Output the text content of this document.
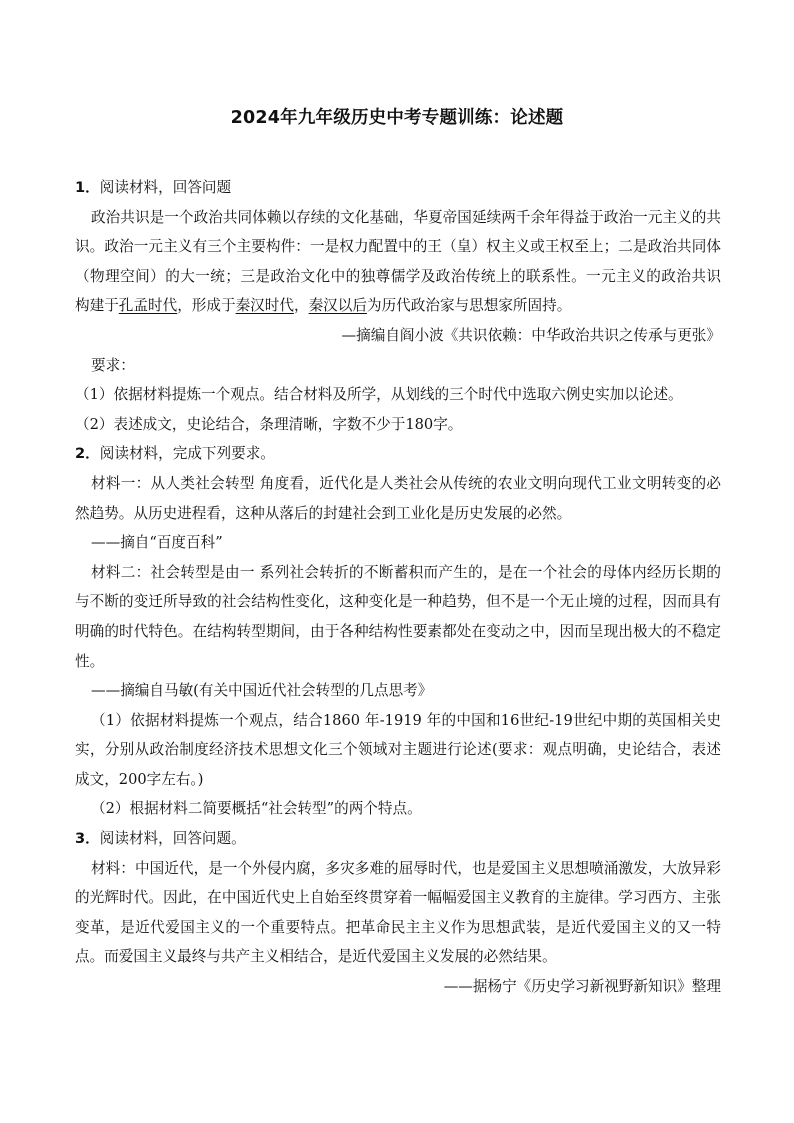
2024年九年级历史中考专题训练：论述题

1．阅读材料，回答问题

政治共识是一个政治共同体赖以存续的文化基础，华夏帝国延续两千余年得益于政治一元主义的共识。政治一元主义有三个主要构件：一是权力配置中的王（皇）权主义或王权至上；二是政治共同体（物理空间）的大一统；三是政治文化中的独尊儒学及政治传统上的联系性。一元主义的政治共识 构建于孔孟时代，形成于秦汉时代，秦汉以后为历代政治家与思想家所固持。

—摘编自阎小波《共识依赖：中华政治共识之传承与更张》

要求：

（1）依据材料提炼一个观点。结合材料及所学，从划线的三个时代中选取六例史实加以论述。

（2）表述成文，史论结合，条理清晰，字数不少于180字。

2．阅读材料，完成下列要求。

材料一：从人类社会转型 角度看，近代化是人类社会从传统的农业文明向现代工业文明转变的必然趋势。从历史进程看，这种从落后的封建社会到工业化是历史发展的必然。

——摘自“百度百科”

材料二：社会转型是由一 系列社会转折的不断蓄积而产生的，是在一个社会的母体内经历长期的与不断的变迁所导致的社会结构性变化，这种变化是一种趋势，但不是一个无止境的过程，因而具有明确的时代特色。在结构转型期间，由于各种结构性要素都处在变动之中，因而呈现出极大的不稳定性。

——摘编自马敏(有关中国近代社会转型的几点思考》

（1）依据材料提炼一个观点，结合1860 年-1919 年的中国和16世纪-19世纪中期的英国相关史实，分别从政治制度经济技术思想文化三个领域对主题进行论述(要求：观点明确，史论结合，表述成文，200字左右。)

（2）根据材料二简要概括“社会转型”的两个特点。

3．阅读材料，回答问题。

材料：中国近代，是一个外侵内腐，多灾多难的屈辱时代，也是爱国主义思想喷涌激发，大放异彩的光辉时代。因此，在中国近代史上自始至终贯穿着一幅幅爱国主义教育的主旋律。学习西方、主张变革，是近代爱国主义的一个重要特点。把革命民主主义作为思想武装，是近代爱国主义的又一特点。而爱国主义最终与共产主义相结合，是近代爱国主义发展的必然结果。

——据杨宁《历史学习新视野新知识》整理
